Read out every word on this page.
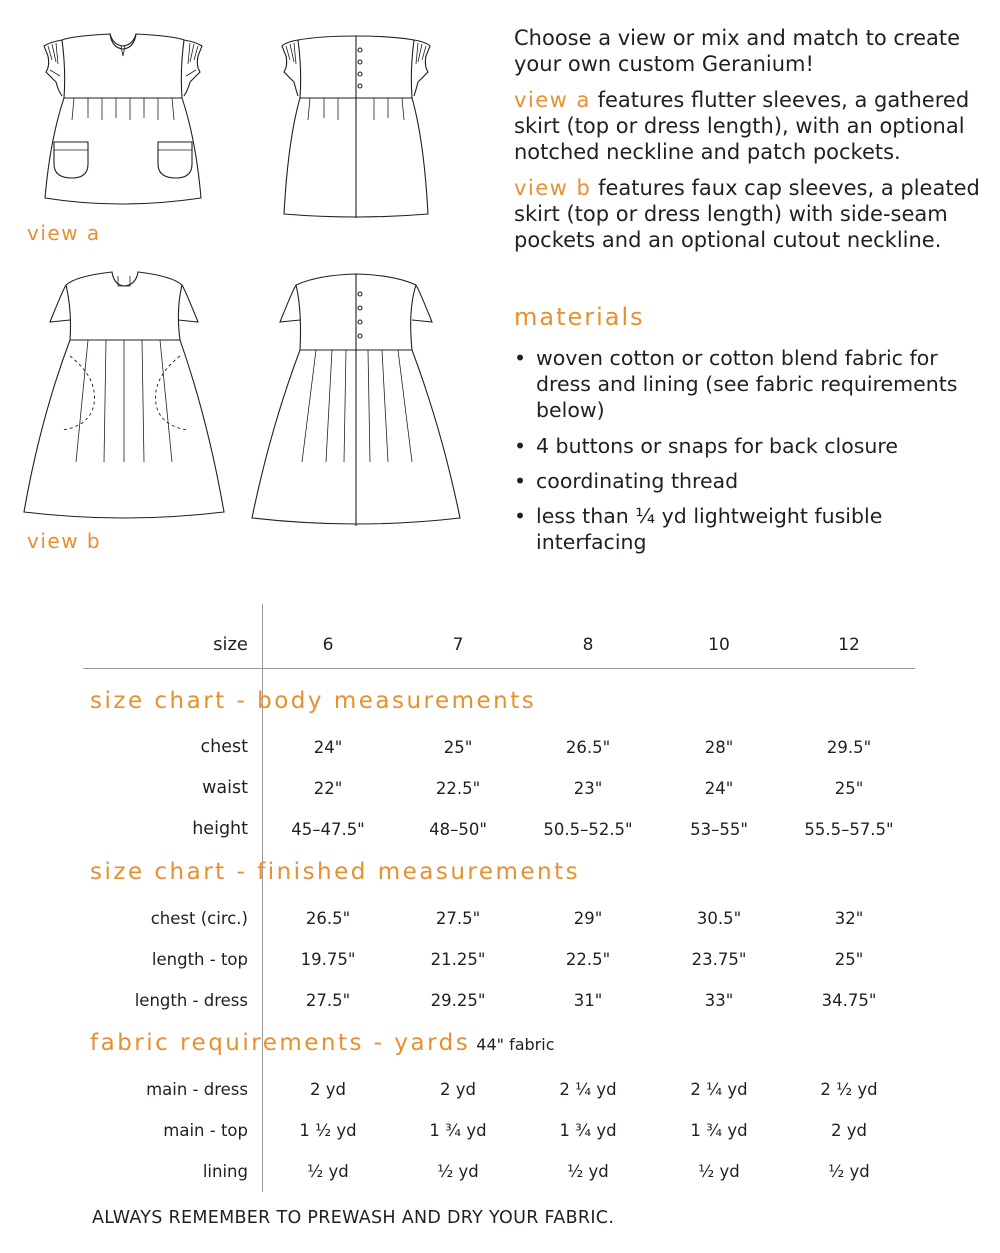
view a
view b
Choose a view or mix and match to create your own custom Geranium!
view a features flutter sleeves, a gathered skirt (top or dress length), with an optional notched neckline and patch pockets.
view b features faux cap sleeves, a pleated skirt (top or dress length) with side-seam pockets and an optional cutout neckline.
materials
• woven cotton or cotton blend fabric for dress and lining (see fabric requirements below)
• 4 buttons or snaps for back closure
• coordinating thread
• less than ¼ yd lightweight fusible interfacing
size	6	7	8	10	12
size chart - body measurements
chest	24"	25"	26.5"	28"	29.5"
waist	22"	22.5"	23"	24"	25"
height	45–47.5"	48–50"	50.5–52.5"	53–55"	55.5–57.5"
size chart - finished measurements
chest (circ.)	26.5"	27.5"	29"	30.5"	32"
length - top	19.75"	21.25"	22.5"	23.75"	25"
length - dress	27.5"	29.25"	31"	33"	34.75"
fabric requirements - yards 44" fabric
main - dress	2 yd	2 yd	2 ¼ yd	2 ¼ yd	2 ½ yd
main - top	1 ½ yd	1 ¾ yd	1 ¾ yd	1 ¾ yd	2 yd
lining	½ yd	½ yd	½ yd	½ yd	½ yd
ALWAYS REMEMBER TO PREWASH AND DRY YOUR FABRIC.
